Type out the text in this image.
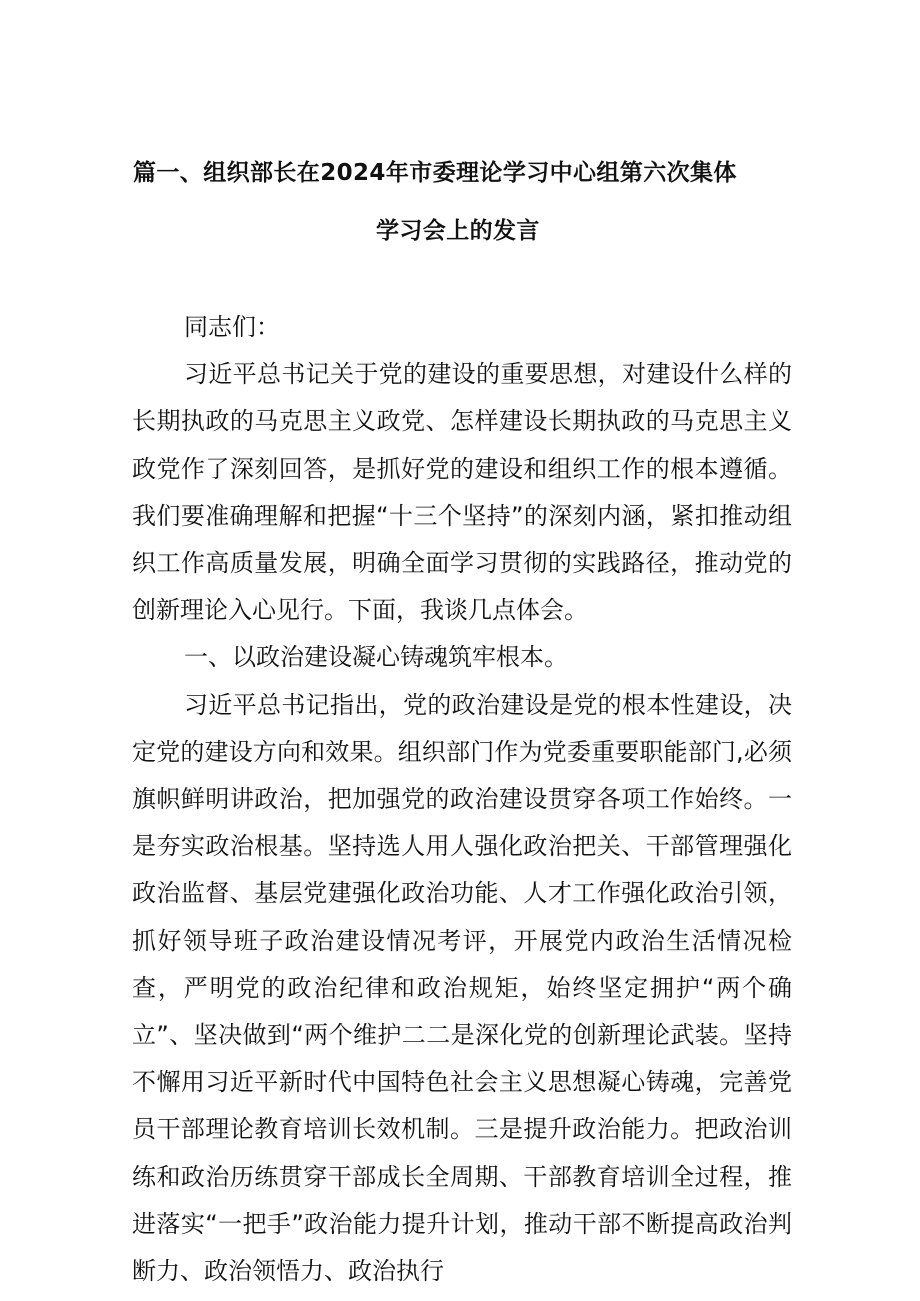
篇一、组织部长在2024年市委理论学习中心组第六次集体
学习会上的发言

同志们：

习近平总书记关于党的建设的重要思想，对建设什么样的长期执政的马克思主义政党、怎样建设长期执政的马克思主义政党作了深刻回答，是抓好党的建设和组织工作的根本遵循。我们要准确理解和把握“十三个坚持”的深刻内涵，紧扣推动组织工作高质量发展，明确全面学习贯彻的实践路径，推动党的创新理论入心见行。下面，我谈几点体会。

一、以政治建设凝心铸魂筑牢根本。

习近平总书记指出，党的政治建设是党的根本性建设，决定党的建设方向和效果。组织部门作为党委重要职能部门,必须旗帜鲜明讲政治，把加强党的政治建设贯穿各项工作始终。一是夯实政治根基。坚持选人用人强化政治把关、干部管理强化政治监督、基层党建强化政治功能、人才工作强化政治引领，抓好领导班子政治建设情况考评，开展党内政治生活情况检查，严明党的政治纪律和政治规矩，始终坚定拥护“两个确立”、坚决做到“两个维护二二是深化党的创新理论武装。坚持不懈用习近平新时代中国特色社会主义思想凝心铸魂，完善党员干部理论教育培训长效机制。三是提升政治能力。把政治训练和政治历练贯穿干部成长全周期、干部教育培训全过程，推进落实“一把手”政治能力提升计划，推动干部不断提高政治判断力、政治领悟力、政治执行
